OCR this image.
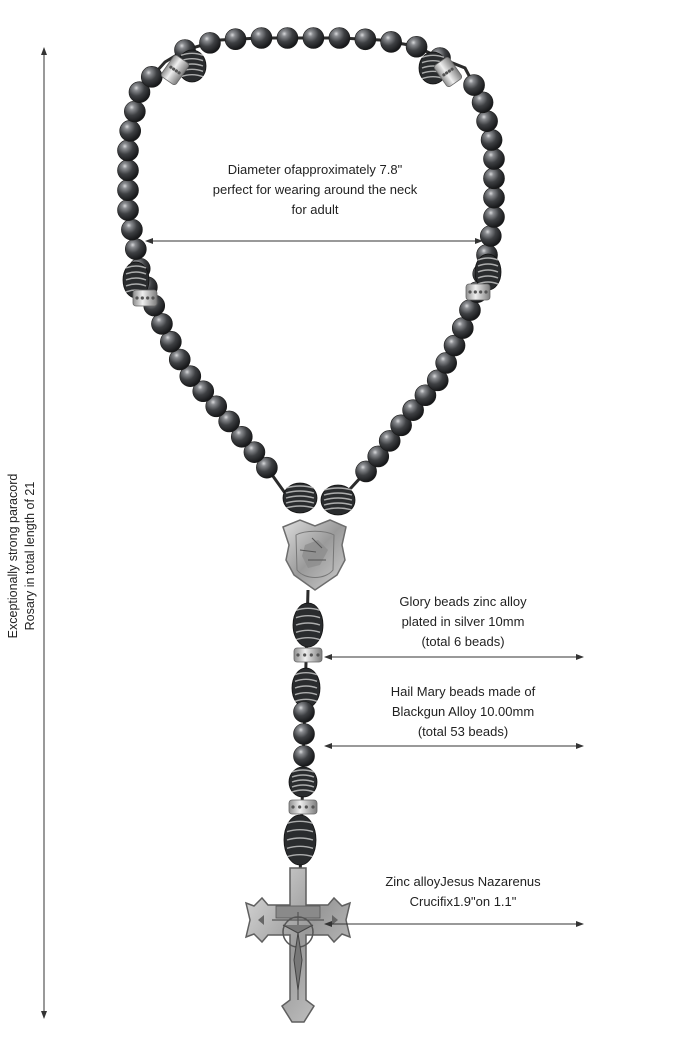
Diameter ofapproximately 7.8"
perfect for wearing around the neck
for adult
Exceptionally strong paracord Rosary in total length of 21	Glory beads zinc alloy
plated in silver 10mm
(total 6 beads)
Hail Mary beads made of
Blackgun Alloy 10.00mm
(total 53 beads)
Zinc alloyJesus Nazarenus
Crucifix1.9"on 1.1"
